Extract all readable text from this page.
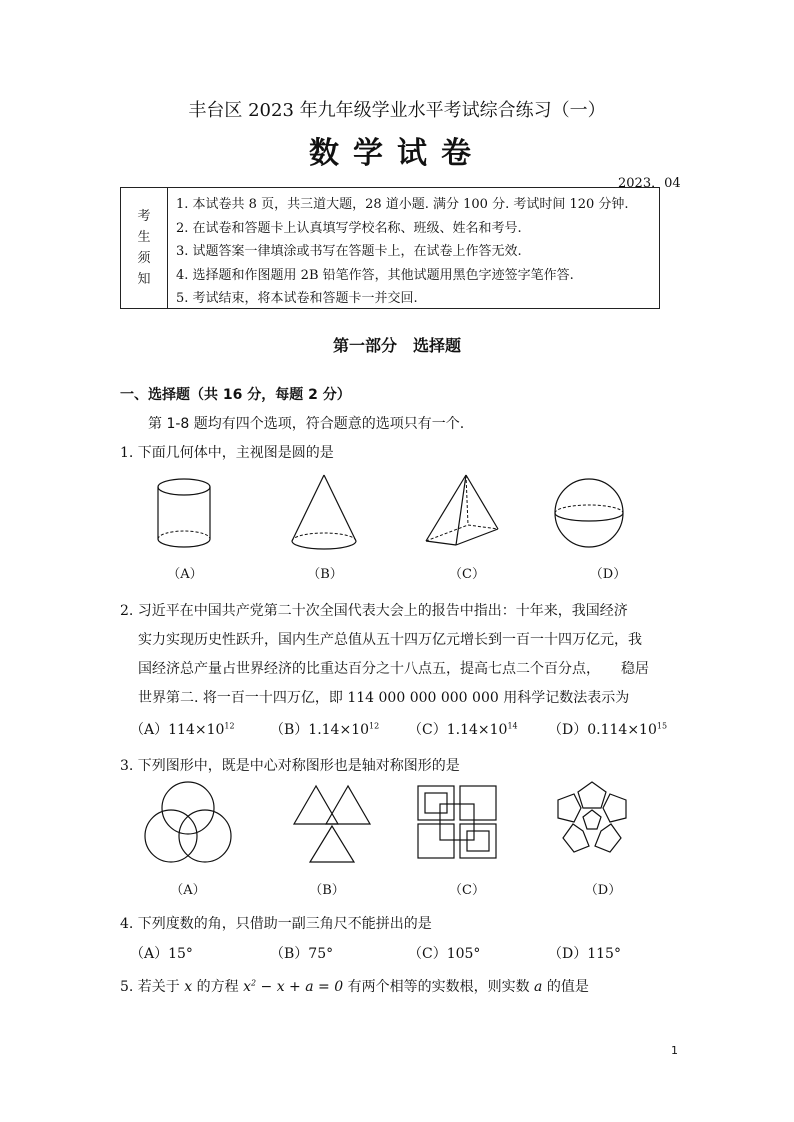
丰台区 2023 年九年级学业水平考试综合练习（一）
数学试卷
2023．04
考
生
须
知
1. 本试卷共 8 页，共三道大题，28 道小题. 满分 100 分. 考试时间 120 分钟.
2. 在试卷和答题卡上认真填写学校名称、班级、姓名和考号.
3. 试题答案一律填涂或书写在答题卡上，在试卷上作答无效.
4. 选择题和作图题用 2B 铅笔作答，其他试题用黑色字迹签字笔作答.
5. 考试结束，将本试卷和答题卡一并交回.
第一部分　选择题
一、选择题（共 16 分，每题 2 分）
第 1-8 题均有四个选项，符合题意的选项只有一个.
1. 下面几何体中，主视图是圆的是
（A）	（B）	（C）	（D）
2. 习近平在中国共产党第二十次全国代表大会上的报告中指出：十年来，我国经济
实力实现历史性跃升，国内生产总值从五十四万亿元增长到一百一十四万亿元，我
国经济总产量占世界经济的比重达百分之十八点五，提高七点二个百分点，　　稳居
世界第二. 将一百一十四万亿，即 114 000 000 000 000 用科学记数法表示为
$(A)114\times 10^{12}$	$(B)1.14\times 10^{12}$ $(C)1.14\times 10^{14}$ $(D)0.114\times 10^{15}$
3. 下列图形中，既是中心对称图形也是轴对称图形的是
（A）	（B）	（C）	（D）
4. 下列度数的角，只借助一副三角尺不能拼出的是
（A）15°	（B）75°	（C）105°	（D）115°
5. 若关于 x 的方程 $x^2 - x + a = 0$ 有两个相等的实数根，则实数 a 的值是
1
